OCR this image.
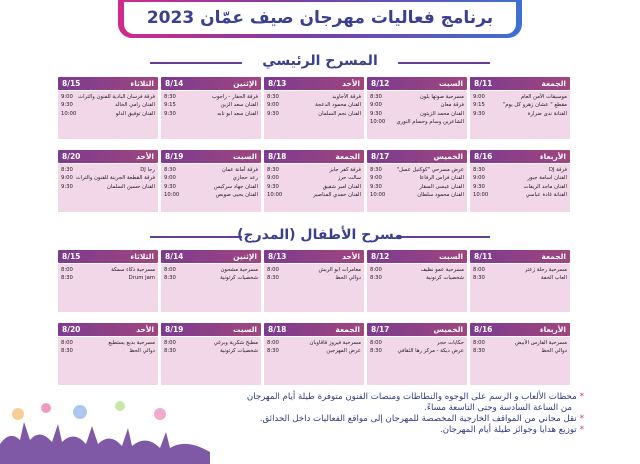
برنامج فعاليات مهرجان صيف عمّان 2023
المسرح الرئيسي
الجمعة
8/11
موسيقات الأمن العام
9:00
مقطع " عشان زهرو كل يوم"
9:15
الفنانة ندى ضرارة
9:30
السبت
8/12
مسرحية صوتها بلون
8:30
فرقة معان
9:00
الفنان محمد الزيتون
9:30
الشاعرين وسام وحسام النوري
10:00
الأحد
8/13
فرقة الأجاويد
8:30
الفنان محمود الدعجة
9:00
الفنان نجم السلمان
9:30
الإثنين
8/14
فرقة الحفار - راجوب
8:30
الفنان سعد الزين
9:15
الفنان سعد ابو نابه
9:30
الثلاثاء
8/15
فرقة فرسان البادية للفنون والتراث
9:00
الفنان رامي الخالد
9:30
الفنان توفيق الدلو
10:00
الأربعاء
8/16
فرقة DJ
8:30
الفنان اسامة جبور
9:00
الفنان ماجد الريفات
9:30
الفنانة غادة عباسي
10:00
الخميس
8/17
عرض مسرحي "كوكتيل عسل"
8:30
الفنان فراس الرفاعا
9:00
الفنان عيسى السقار
9:30
الفنان محمود سلطان
10:00
الجمعة
8/18
فرقة كفر جايز
8:30
سالت حرز
9:00
الفنان امير شفيق
9:30
الفنان حمدي المناصير
10:00
السبت
8/19
فرقة أمانة عمان
8:30
رعد حجازي
9:00
الفنان جهاد سركيس
9:30
الفنان يحيى صويص
10:00
الأحد
8/20
رجا DJ
8:30
فرقة القطعة الجرينة للفنون والتراث
9:00
الفنان حسين السلمان
9:30
مسرح الأطفال (المدرج)
الجمعة
8/11
مسرحية رحلة زعتر
8:00
العاب الخفة
8:30
السبت
8/12
مسرحية عمو نظيف
8:00
شخصيات كرتونية
8:30
الأحد
8/13
مغامرات ابو الريش
8:00
دوالي الحظ
8:30
الإثنين
8/14
مسرحية مشحون
8:00
شخصيات كرتونية
8:30
الثلاثاء
8/15
مسرحية ذكاء سمكة
8:00
Drum jam
8:30
الأربعاء
8/16
مسرحية الفارس الأبيض
8:00
دوالي الحظ
8:30
الخميس
8/17
حكايات حجر
8:00
عرض ديكة - مركز رها الثقافي
8:30
الجمعة
8/18
مسرحية فيروز قاقاوبان
8:00
عرض المهرجين
8:30
السبت
8/19
مطبخ شكرية وبرغي
8:00
شخصيات كرتونية
8:30
الأحد
8/20
مسرحية بديع يستطيع
8:00
دوالي الحظ
8:30
*محطات الألعاب و الرسم على الوجوه والنطاطات ومنصات الفنون متوفرة طيلة أيام المهرجان
من الساعة السادسة وحتى التاسعة مساءً.
*نقل مجاني من المواقف الخارجية المخصصة للمهرجان إلى مواقع الفعاليات داخل الحدائق.
*توزيع هدايا وجوائز طيلة أيام المهرجان.
